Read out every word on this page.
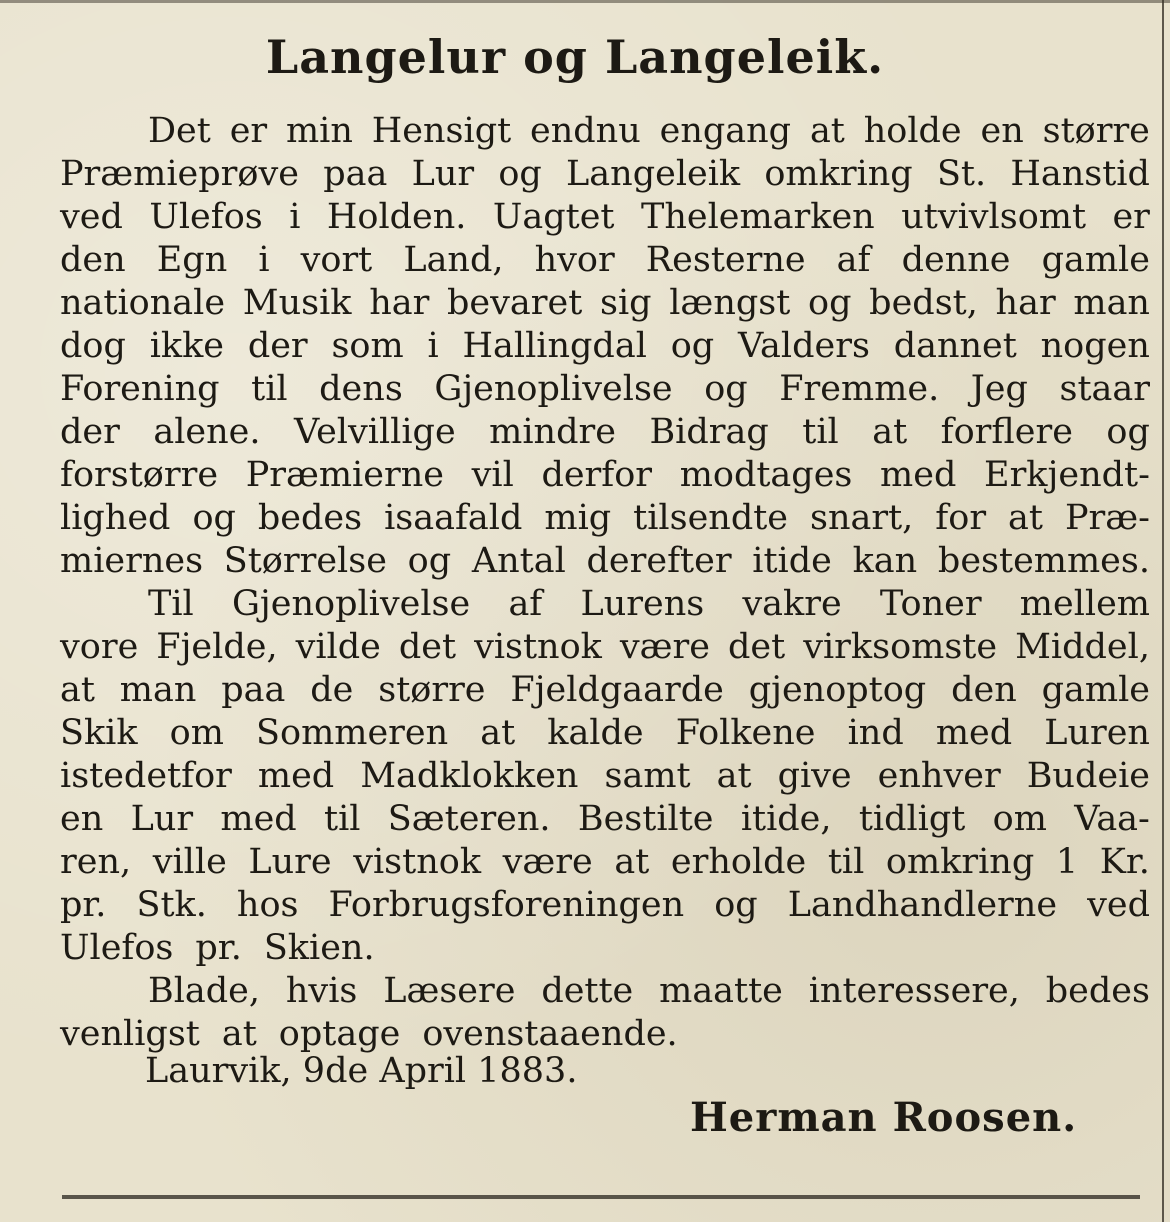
Langelur og Langeleik.
Det er min Hensigt endnu engang at holde en større
Præmieprøve paa Lur og Langeleik omkring St. Hanstid
ved Ulefos i Holden. Uagtet Thelemarken utvivlsomt er
den Egn i vort Land, hvor Resterne af denne gamle
nationale Musik har bevaret sig længst og bedst, har man
dog ikke der som i Hallingdal og Valders dannet nogen
Forening til dens Gjenoplivelse og Fremme. Jeg staar
der alene. Velvillige mindre Bidrag til at forflere og
forstørre Præmierne vil derfor modtages med Erkjendt-
lighed og bedes isaafald mig tilsendte snart, for at Præ-
miernes Størrelse og Antal derefter itide kan bestemmes.
Til Gjenoplivelse af Lurens vakre Toner mellem
vore Fjelde, vilde det vistnok være det virksomste Middel,
at man paa de større Fjeldgaarde gjenoptog den gamle
Skik om Sommeren at kalde Folkene ind med Luren
istedetfor med Madklokken samt at give enhver Budeie
en Lur med til Sæteren. Bestilte itide, tidligt om Vaa-
ren, ville Lure vistnok være at erholde til omkring 1 Kr.
pr. Stk. hos Forbrugsforeningen og Landhandlerne ved
Ulefos pr. Skien.
Blade, hvis Læsere dette maatte interessere, bedes
venligst at optage ovenstaaende.
Laurvik, 9de April 1883.
Herman Roosen.
